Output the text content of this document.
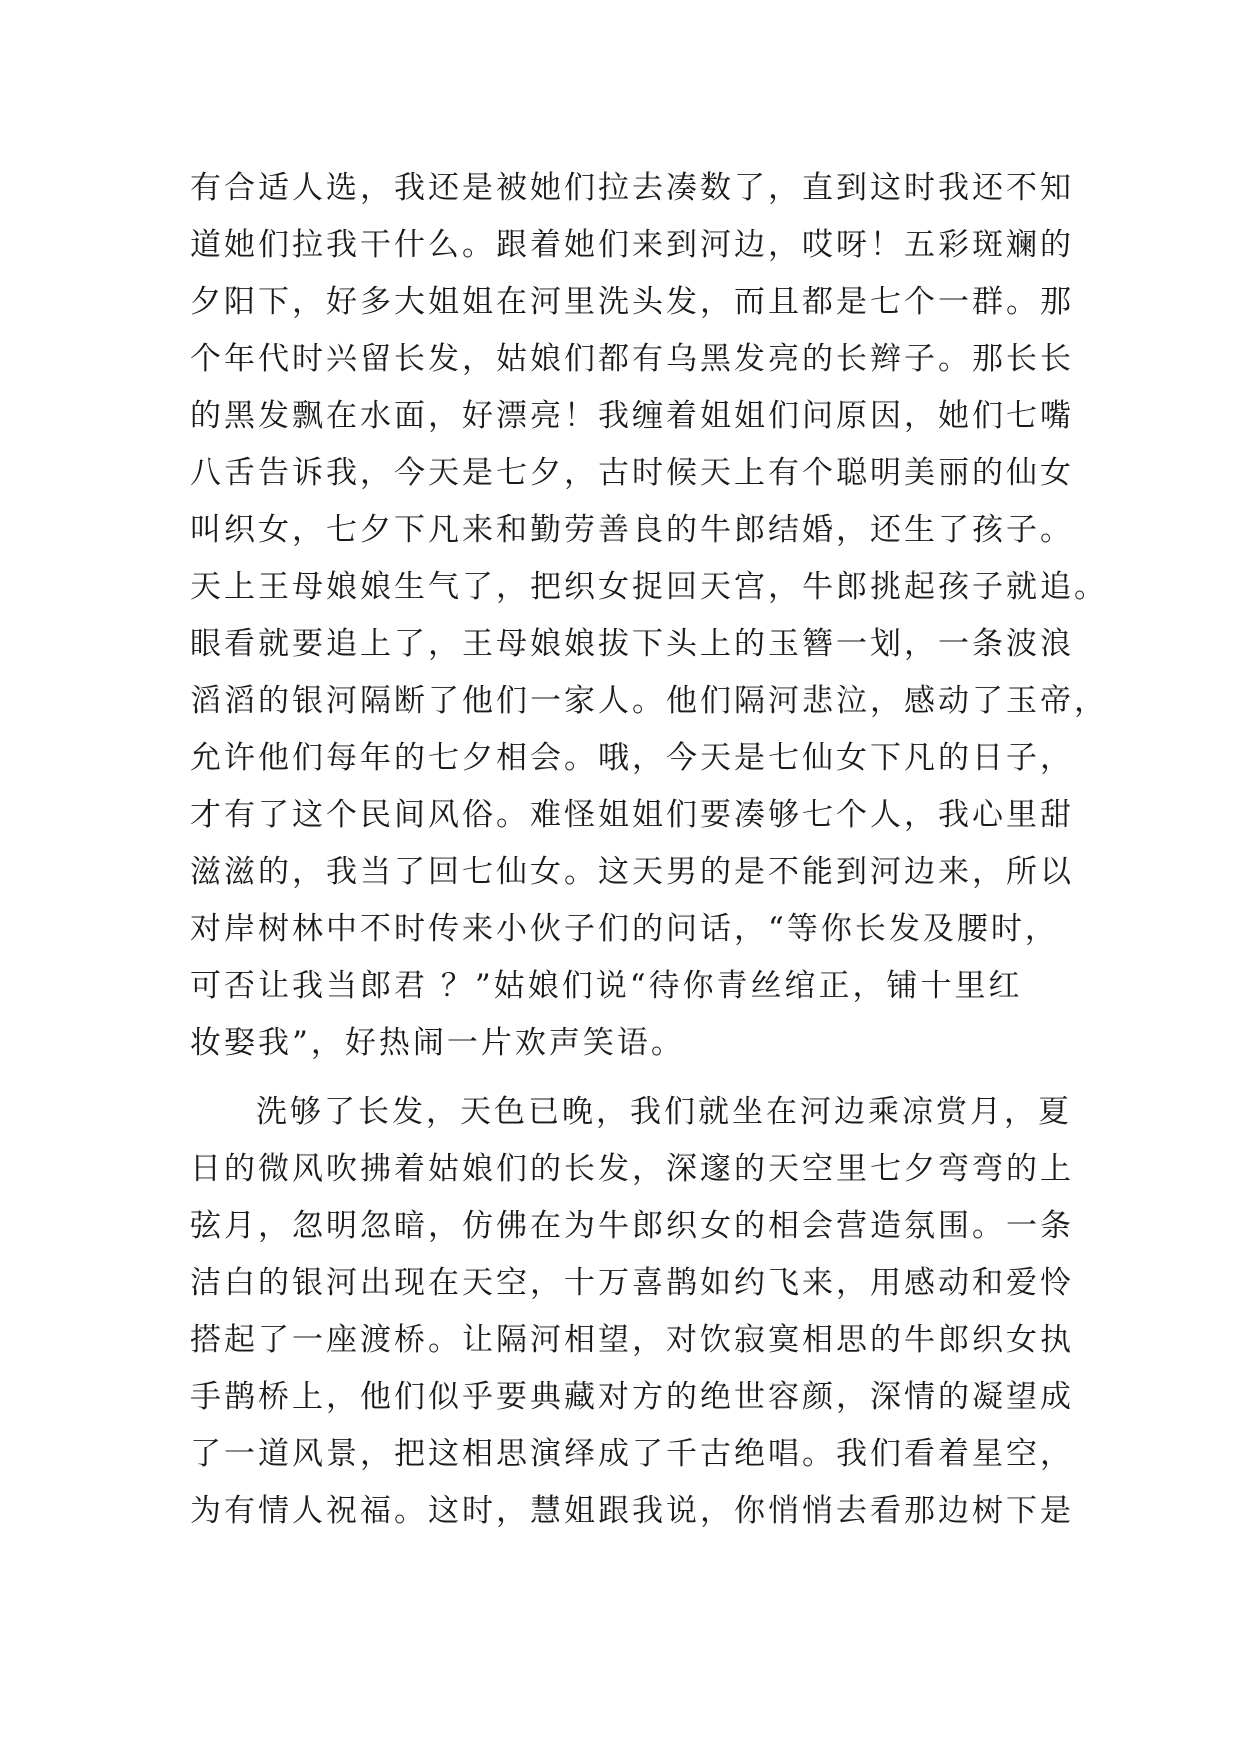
有合适人选，我还是被她们拉去凑数了，直到这时我还不知
道她们拉我干什么。跟着她们来到河边，哎呀！五彩斑斓的
夕阳下，好多大姐姐在河里洗头发，而且都是七个一群。那
个年代时兴留长发，姑娘们都有乌黑发亮的长辫子。那长长
的黑发飘在水面，好漂亮！我缠着姐姐们问原因，她们七嘴
八舌告诉我，今天是七夕，古时候天上有个聪明美丽的仙女
叫织女，七夕下凡来和勤劳善良的牛郎结婚，还生了孩子。
天上王母娘娘生气了，把织女捉回天宫，牛郎挑起孩子就追。
眼看就要追上了，王母娘娘拔下头上的玉簪一划，一条波浪
滔滔的银河隔断了他们一家人。他们隔河悲泣，感动了玉帝，
允许他们每年的七夕相会。哦，今天是七仙女下凡的日子，
才有了这个民间风俗。难怪姐姐们要凑够七个人，我心里甜
滋滋的，我当了回七仙女。这天男的是不能到河边来，所以
对岸树林中不时传来小伙子们的问话，“等你长发及腰时，
可否让我当郎君 ？”姑娘们说“待你青丝绾正，铺十里红
妆娶我”，好热闹一片欢声笑语。
洗够了长发，天色已晚，我们就坐在河边乘凉赏月，夏
日的微风吹拂着姑娘们的长发，深邃的天空里七夕弯弯的上
弦月，忽明忽暗，仿佛在为牛郎织女的相会营造氛围。一条
洁白的银河出现在天空，十万喜鹊如约飞来，用感动和爱怜
搭起了一座渡桥。让隔河相望，对饮寂寞相思的牛郎织女执
手鹊桥上，他们似乎要典藏对方的绝世容颜，深情的凝望成
了一道风景，把这相思演绎成了千古绝唱。我们看着星空，
为有情人祝福。这时，慧姐跟我说，你悄悄去看那边树下是
